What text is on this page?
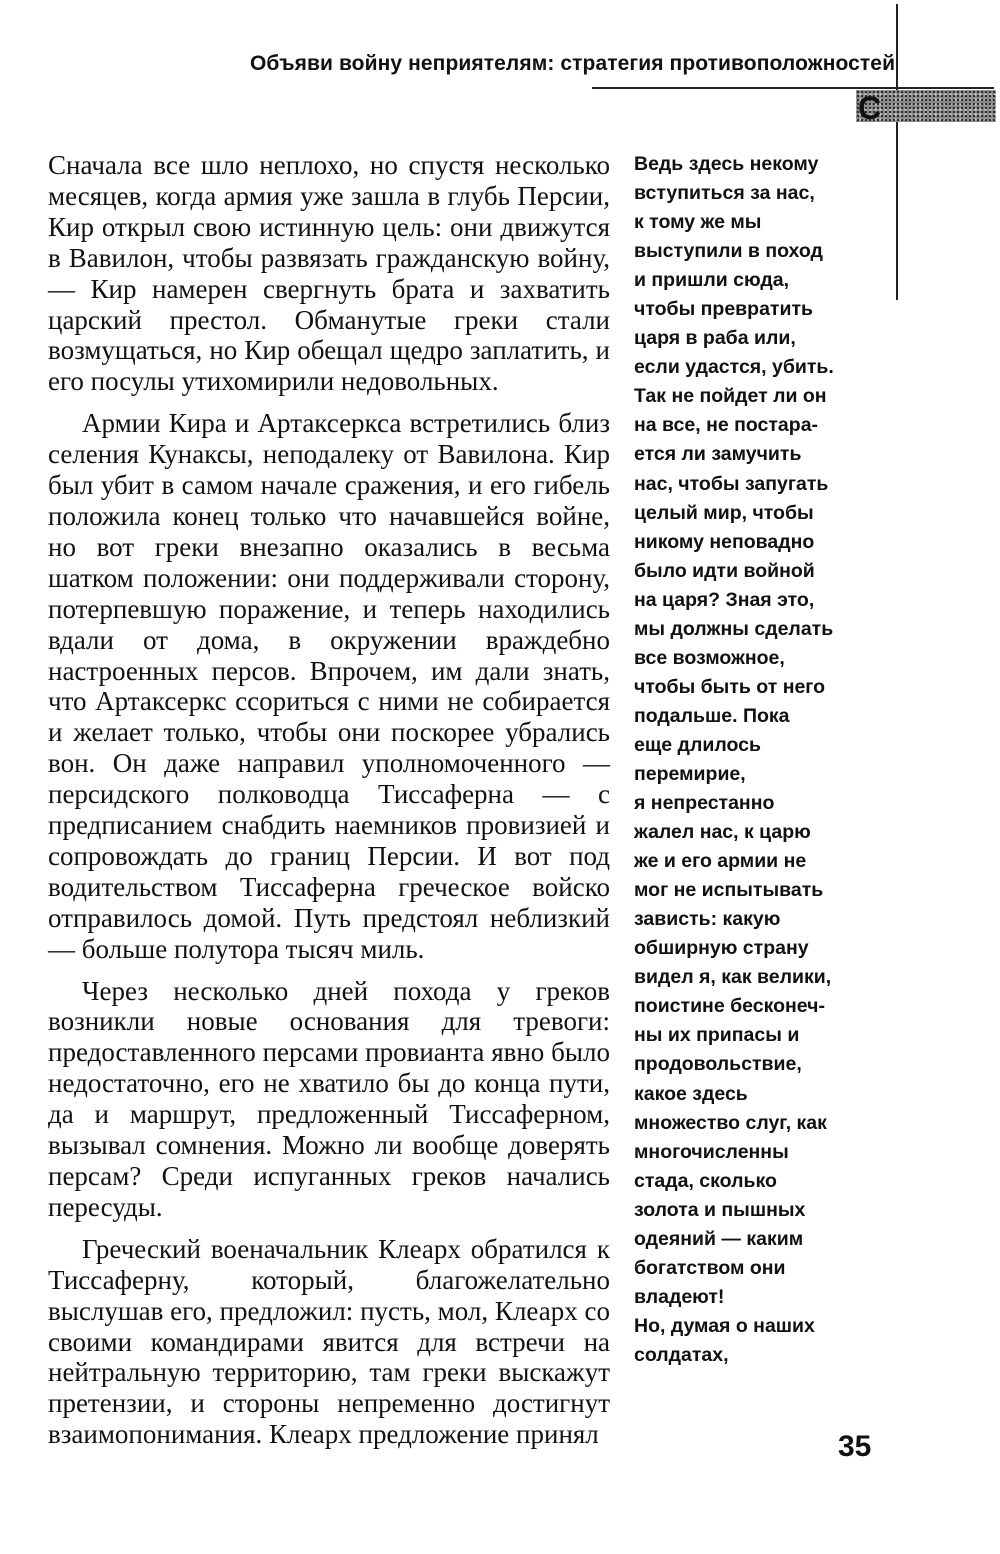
Объяви войну неприятелям: стратегия противоположностей
C

Сначала все шло неплохо, но спустя несколько месяцев, когда армия уже зашла в глубь Персии, Кир открыл свою истинную цель: они движутся в Вавилон, чтобы развязать гражданскую войну, — Кир намерен свергнуть брата и захватить царский престол. Обманутые греки стали возмущаться, но Кир обещал щедро заплатить, и его посулы утихомирили недовольных.

Армии Кира и Артаксеркса встретились близ селения Кунаксы, неподалеку от Вавилона. Кир был убит в самом начале сражения, и его гибель положила конец только что начавшейся войне, но вот греки внезапно оказались в весьма шатком положении: они поддерживали сторону, потерпевшую поражение, и теперь находились вдали от дома, в окружении враждебно настроенных персов. Впрочем, им дали знать, что Артаксеркс ссориться с ними не собирается и желает только, чтобы они поскорее убрались вон. Он даже направил уполномоченного — персидского полководца Тиссаферна — с предписанием снабдить наемников провизией и сопровождать до границ Персии. И вот под водительством Тиссаферна греческое войско отправилось домой. Путь предстоял неблизкий — больше полутора тысяч миль.

Через несколько дней похода у греков возникли новые основания для тревоги: предоставленного персами провианта явно было недостаточно, его не хватило бы до конца пути, да и маршрут, предложенный Тиссаферном, вызывал сомнения. Можно ли вообще доверять персам? Среди испуганных греков начались пересуды.

Греческий военачальник Клеарх обратился к Тиссаферну, который, благожелательно выслушав его, предложил: пусть, мол, Клеарх со своими командирами явится для встречи на нейтральную территорию, там греки выскажут претензии, и стороны непременно достигнут взаимопонимания. Клеарх предложение принял

Ведь здесь некому
вступиться за нас,
к тому же мы
выступили в поход
и пришли сюда,
чтобы превратить
царя в раба или,
если удастся, убить.
Так не пойдет ли он
на все, не постара-
ется ли замучить
нас, чтобы запугать
целый мир, чтобы
никому неповадно
было идти войной
на царя? Зная это,
мы должны сделать
все возможное,
чтобы быть от него
подальше. Пока
еще длилось
перемирие,
я непрестанно
жалел нас, к царю
же и его армии не
мог не испытывать
зависть: какую
обширную страну
видел я, как велики,
поистине бесконеч-
ны их припасы и
продовольствие,
какое здесь
множество слуг, как
многочисленны
стада, сколько
золота и пышных
одеяний — каким
богатством они
владеют!
Но, думая о наших
солдатах,
35
